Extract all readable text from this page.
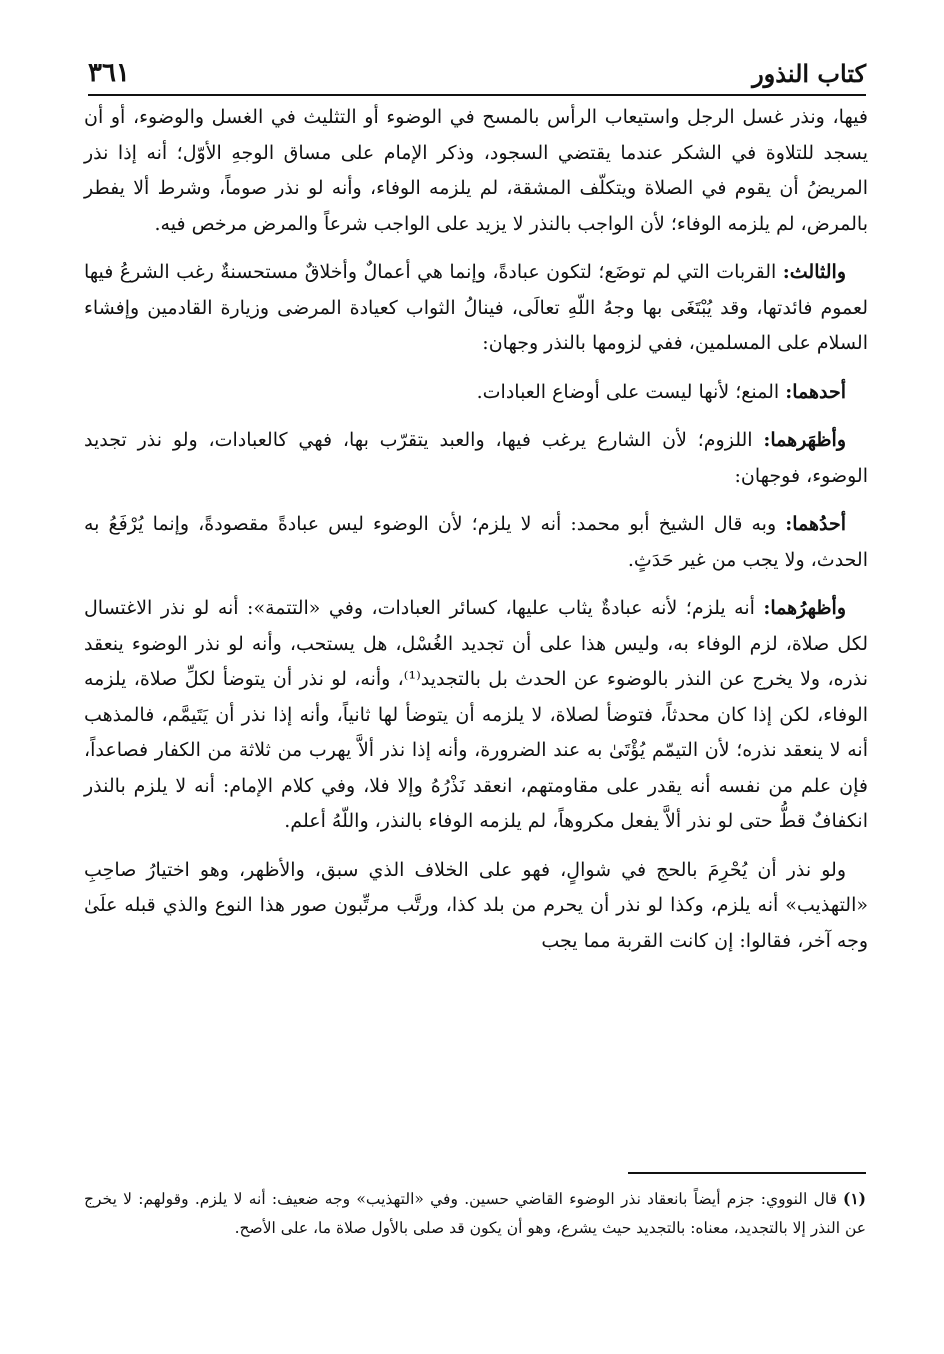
كتاب النذور
٣٦١

فيها، ونذر غسل الرجل واستيعاب الرأس بالمسح في الوضوء أو التثليث في الغسل والوضوء، أو أن يسجد للتلاوة في الشكر عندما يقتضي السجود، وذكر الإمام على مساق الوجهِ الأوّل؛ أنه إذا نذر المريضُ أن يقوم في الصلاة ويتكلّف المشقة، لم يلزمه الوفاء، وأنه لو نذر صوماً، وشرط ألا يفطر بالمرض، لم يلزمه الوفاء؛ لأن الواجب بالنذر لا يزيد على الواجب شرعاً والمرض مرخص فيه.

والثالث: القربات التي لم توضَع؛ لتكون عبادةً، وإنما هي أعمالٌ وأخلاقٌ مستحسنةٌ رغب الشرعُ فيها لعموم فائدتها، وقد يُبْتَغَى بها وجهُ اللّهِ تعالَى، فينالُ الثواب كعيادة المرضى وزيارة القادمين وإفشاء السلام على المسلمين، ففي لزومها بالنذر وجهان:

أحدهما: المنع؛ لأنها ليست على أوضاع العبادات.

وأظهَرهما: اللزوم؛ لأن الشارع يرغب فيها، والعبد يتقرّب بها، فهي كالعبادات، ولو نذر تجديد الوضوء، فوجهان:

أحدُهما: وبه قال الشيخ أبو محمد: أنه لا يلزم؛ لأن الوضوء ليس عبادةً مقصودةً، وإنما يُرْفَعُ به الحدث، ولا يجب من غير حَدَثٍ.

وأظهرُهما: أنه يلزم؛ لأنه عبادةٌ يثاب عليها، كسائر العبادات، وفي «التتمة»: أنه لو نذر الاغتسال لكل صلاة، لزم الوفاء به، وليس هذا على أن تجديد الغُسْل، هل يستحب، وأنه لو نذر الوضوء ينعقد نذره، ولا يخرج عن النذر بالوضوء عن الحدث بل بالتجديد⁽¹⁾، وأنه، لو نذر أن يتوضأ لكلِّ صلاة، يلزمه الوفاء، لكن إذا كان محدثاً، فتوضأ لصلاة، لا يلزمه أن يتوضأ لها ثانياً، وأنه إذا نذر أن يَتَيمَّم، فالمذهب أنه لا ينعقد نذره؛ لأن التيمّم يُؤْتَىٰ به عند الضرورة، وأنه إذا نذر ألاَّ يهرب من ثلاثة من الكفار فصاعداً، فإن علم من نفسه أنه يقدر على مقاومتهم، انعقد نَذْرُهُ وإلا فلا، وفي كلام الإمام: أنه لا يلزم بالنذر انكفافٌ قطُّ حتى لو نذر ألاَّ يفعل مكروهاً، لم يلزمه الوفاء بالنذر، واللّهُ أعلم.

ولو نذر أن يُحْرِمَ بالحج في شوالٍ، فهو على الخلاف الذي سبق، والأظهر، وهو اختيارُ صاحِبِ «التهذيب» أنه يلزم، وكذا لو نذر أن يحرم من بلد كذا، ورتَّب مرتِّبون صور هذا النوع والذي قبله علَىٰ وجه آخر، فقالوا: إن كانت القربة مما يجب

(١)قال النووي: جزم أيضاً بانعقاد نذر الوضوء القاضي حسين. وفي «التهذيب» وجه ضعيف: أنه لا يلزم. وقولهم: لا يخرج عن النذر إلا بالتجديد، معناه: بالتجديد حيث يشرع، وهو أن يكون قد صلى بالأول صلاة ما، على الأصح.
